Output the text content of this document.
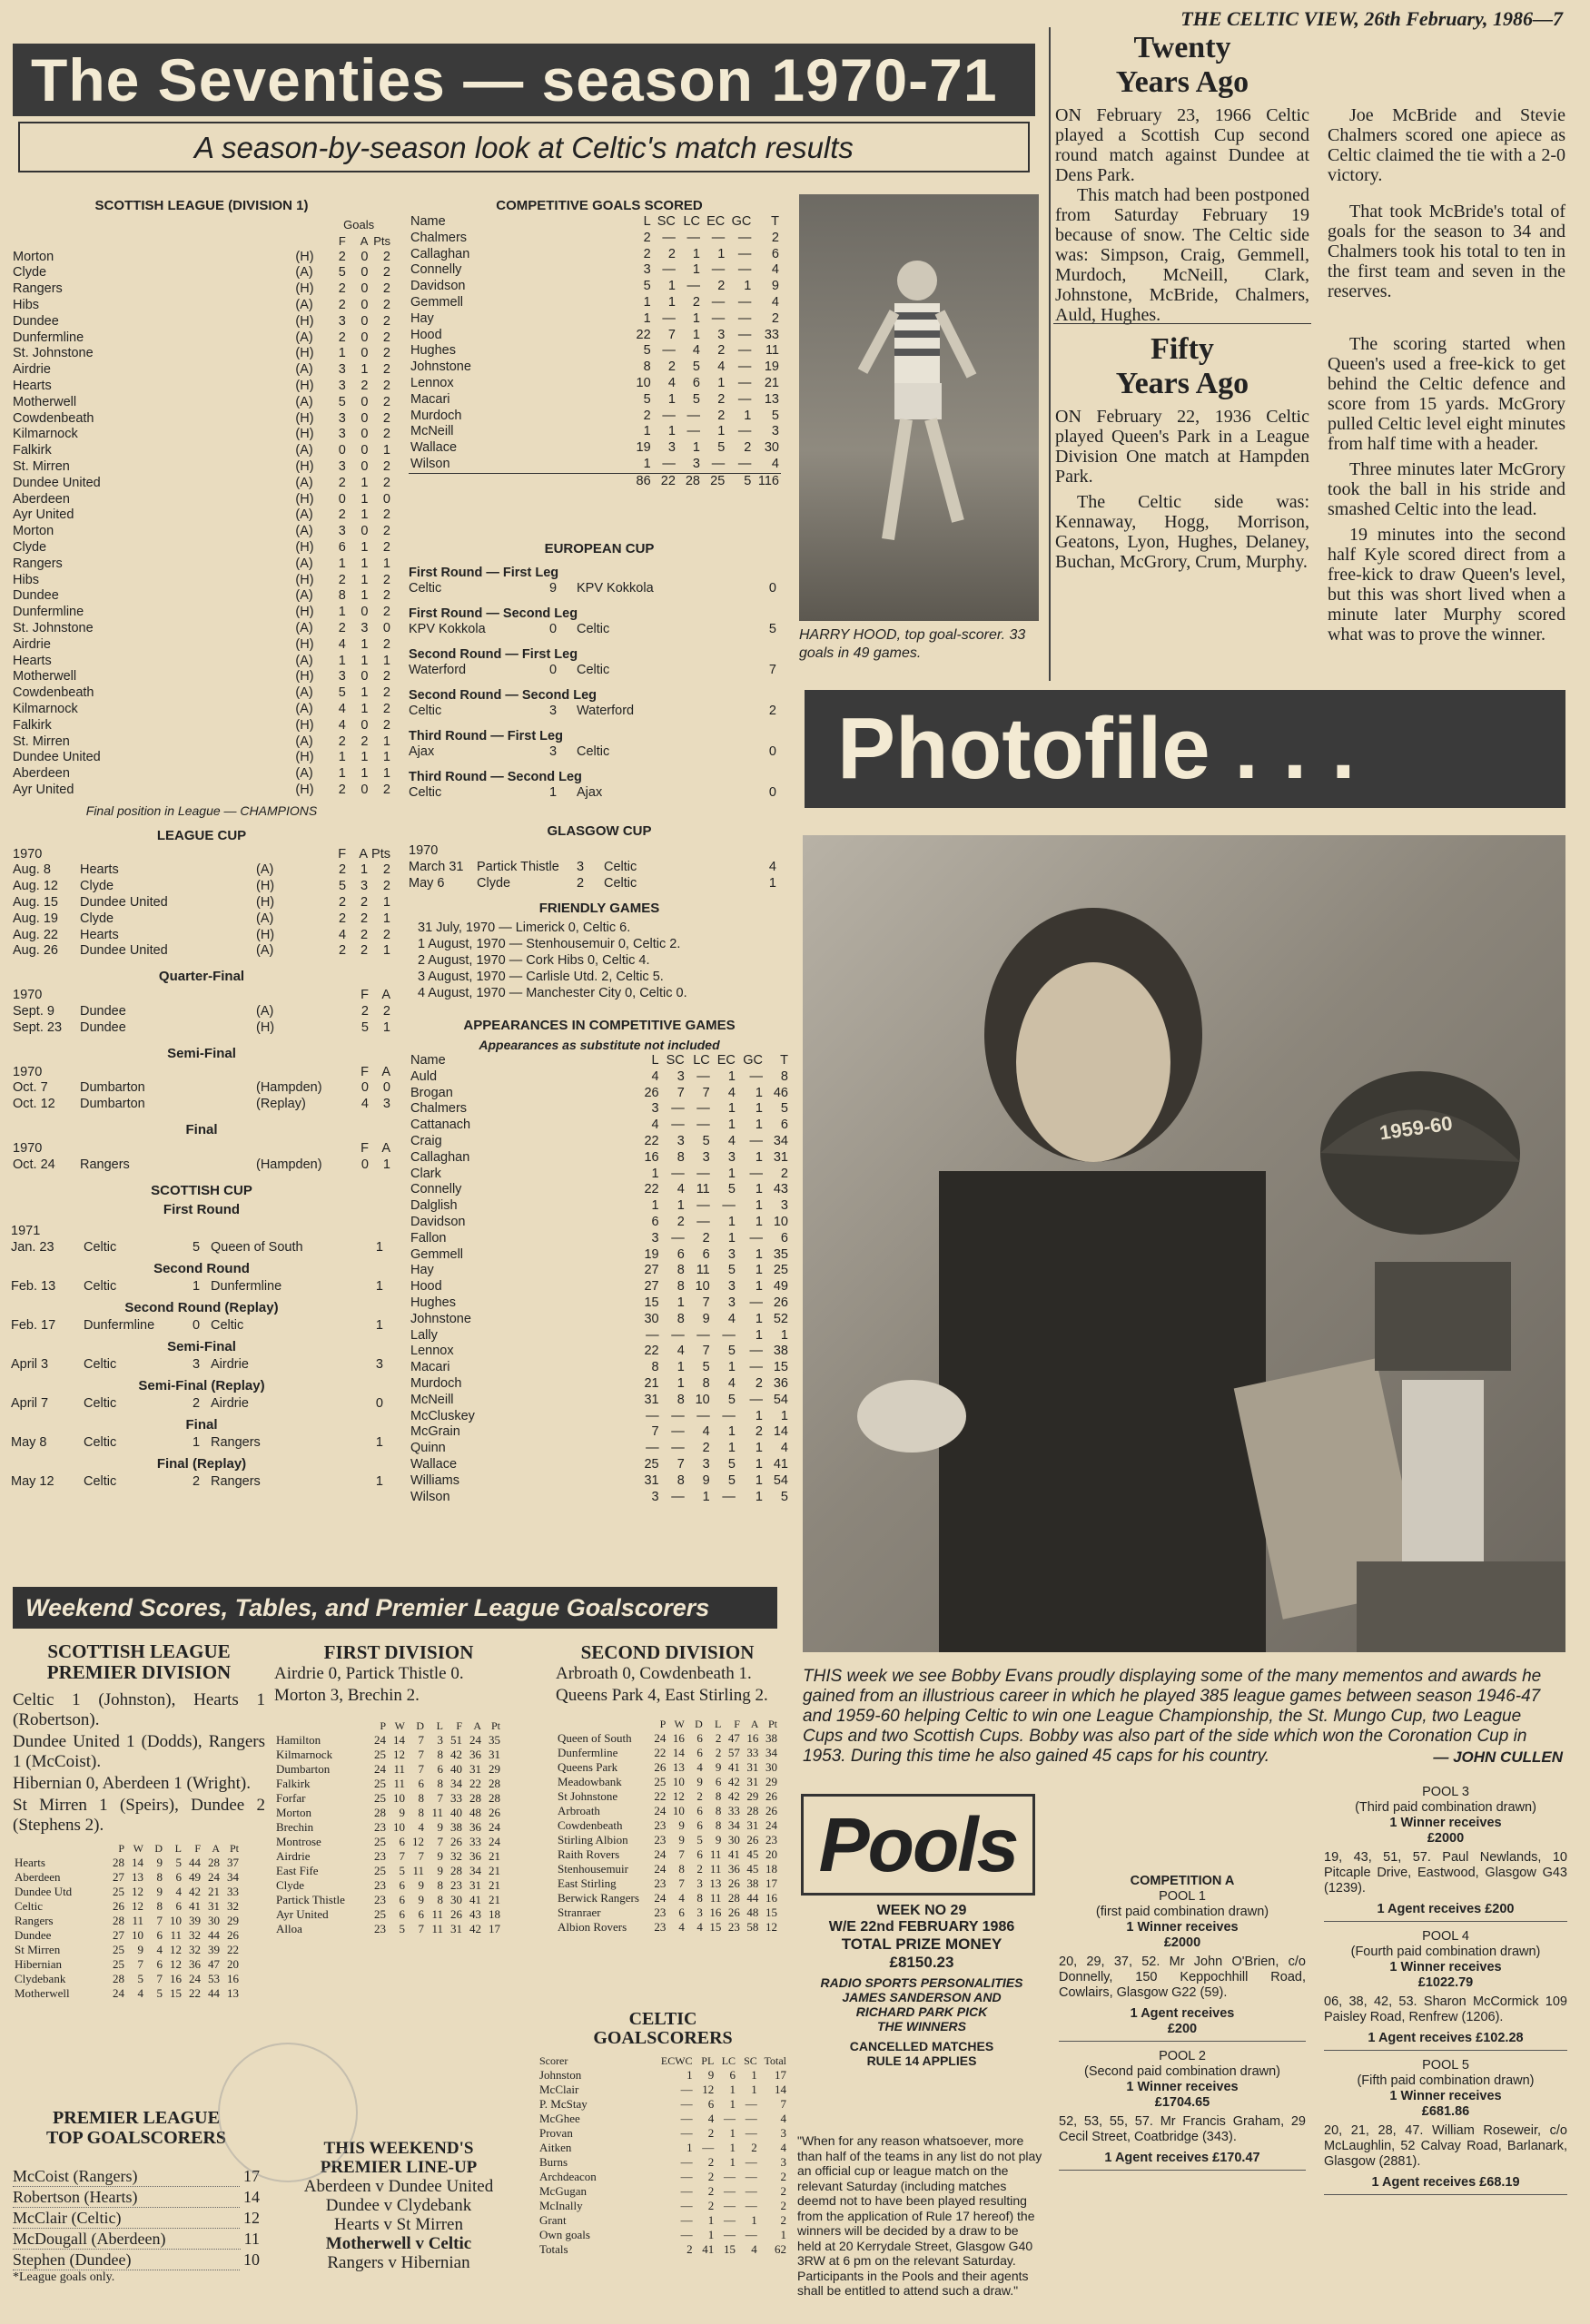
THE CELTIC VIEW, 26th February, 1986—7
The Seventies — season 1970-71
A season-by-season look at Celtic's match results
SCOTTISH LEAGUE (DIVISION 1)
		Goals		
		F	A	Pts
Morton	(H)	2	0	2
Clyde	(A)	5	0	2
Rangers	(H)	2	0	2
Hibs	(A)	2	0	2
Dundee	(H)	3	0	2
Dunfermline	(A)	2	0	2
St. Johnstone	(H)	1	0	2
Airdrie	(A)	3	1	2
Hearts	(H)	3	2	2
Motherwell	(A)	5	0	2
Cowdenbeath	(H)	3	0	2
Kilmarnock	(H)	3	0	2
Falkirk	(A)	0	0	1
St. Mirren	(H)	3	0	2
Dundee United	(A)	2	1	2
Aberdeen	(H)	0	1	0
Ayr United	(A)	2	1	2
Morton	(A)	3	0	2
Clyde	(H)	6	1	2
Rangers	(A)	1	1	1
Hibs	(H)	2	1	2
Dundee	(A)	8	1	2
Dunfermline	(H)	1	0	2
St. Johnstone	(A)	2	3	0
Airdrie	(H)	4	1	2
Hearts	(A)	1	1	1
Motherwell	(H)	3	0	2
Cowdenbeath	(A)	5	1	2
Kilmarnock	(A)	4	1	2
Falkirk	(H)	4	0	2
St. Mirren	(A)	2	2	1
Dundee United	(H)	1	1	1
Aberdeen	(A)	1	1	1
Ayr United	(H)	2	0	2
Final position in League — CHAMPIONS
LEAGUE CUP
1970			F	A	Pts
Aug. 8	Hearts	(A)	2	1	2
Aug. 12	Clyde	(H)	5	3	2
Aug. 15	Dundee United	(H)	2	2	1
Aug. 19	Clyde	(A)	2	2	1
Aug. 22	Hearts	(H)	4	2	2
Aug. 26	Dundee United	(A)	2	2	1
Quarter-Final
1970			F	A
Sept. 9	Dundee	(A)	2	2
Sept. 23	Dundee	(H)	5	1
Semi-Final
1970			F	A
Oct. 7	Dumbarton	(Hampden)	0	0
Oct. 12	Dumbarton	(Replay)	4	3
Final
1970			F	A
Oct. 24	Rangers	(Hampden)	0	1
SCOTTISH CUP
First Round
1971
Jan. 23	Celtic	5 Queen of South	1
Second Round
Feb. 13	Celtic	1 Dunfermline	1
Second Round (Replay)
Feb. 17	Dunfermline	0 Celtic	1
Semi-Final
April 3	Celtic	3 Airdrie	3
Semi-Final (Replay)
April 7	Celtic	2 Airdrie	0
Final
May 8	Celtic	1 Rangers	1
Final (Replay)
May 12	Celtic	2 Rangers	1
COMPETITIVE GOALS SCORED
Name	L	SC	LC	EC	GC	T
Chalmers	2	—	—	—	—	2
Callaghan	2	2	1	1	—	6
Connelly	3	—	1	—	—	4
Davidson	5	1	—	2	1	9
Gemmell	1	1	2	—	—	4
Hay	1	—	1	—	—	2
Hood	22	7	1	3	—	33
Hughes	5	—	4	2	—	11
Johnstone	8	2	5	4	—	19
Lennox	10	4	6	1	—	21
Macari	5	1	5	2	—	13
Murdoch	2	—	—	2	1	5
McNeill	1	1	—	1	—	3
Wallace	19	3	1	5	2	30
Wilson	1	—	3	—	—	4
	86	22	28	25	5	116
HARRY HOOD, top goal-scorer. 33 goals in 49 games.
EUROPEAN CUP
First Round — First Leg
Celtic	9	KPV Kokkola	0
First Round — Second Leg
KPV Kokkola	0	Celtic	5
Second Round — First Leg
Waterford	0	Celtic	7
Second Round — Second Leg
Celtic	3	Waterford	2
Third Round — First Leg
Ajax	3	Celtic	0
Third Round — Second Leg
Celtic	1	Ajax	0
GLASGOW CUP
1970
March 31	Partick Thistle	3	Celtic	4
May 6	Clyde	2	Celtic	1
FRIENDLY GAMES
31 July, 1970 — Limerick 0, Celtic 6.
1 August, 1970 — Stenhousemuir 0, Celtic 2.
2 August, 1970 — Cork Hibs 0, Celtic 4.
3 August, 1970 — Carlisle Utd. 2, Celtic 5.
4 August, 1970 — Manchester City 0, Celtic 0.
APPEARANCES IN COMPETITIVE GAMES
Appearances as substitute not included
Name	L	SC	LC	EC	GC	T
Auld	4	3	—	1	—	8
Brogan	26	7	7	4	1	46
Chalmers	3	—	—	1	1	5
Cattanach	4	—	—	1	1	6
Craig	22	3	5	4	—	34
Callaghan	16	8	3	3	1	31
Clark	1	—	—	1	—	2
Connelly	22	4	11	5	1	43
Dalglish	1	1	—	—	1	3
Davidson	6	2	—	1	1	10
Fallon	3	—	2	1	—	6
Gemmell	19	6	6	3	1	35
Hay	27	8	11	5	1	25
Hood	27	8	10	3	1	49
Hughes	15	1	7	3	—	26
Johnstone	30	8	9	4	1	52
Lally	—	—	—	—	1	1
Lennox	22	4	7	5	—	38
Macari	8	1	5	1	—	15
Murdoch	21	1	8	4	2	36
McNeill	31	8	10	5	—	54
McCluskey	—	—	—	—	1	1
McGrain	7	—	4	1	2	14
Quinn	—	—	2	1	1	4
Wallace	25	7	3	5	1	41
Williams	31	8	9	5	1	54
Wilson	3	—	1	—	1	5
Twenty
Years Ago

ON February 23, 1966 Celtic played a Scottish Cup second round match against Dundee at Dens Park.

This match had been postponed from Saturday February 19 because of snow. The Celtic side was: Simpson, Craig, Gemmell, Murdoch, McNeill, Clark, Johnstone, McBride, Chalmers, Auld, Hughes.

Joe McBride and Stevie Chalmers scored one apiece as Celtic claimed the tie with a 2-0 victory.

That took McBride's total of goals for the season to 34 and Chalmers took his total to ten in the first team and seven in the reserves.

Fifty
Years Ago

ON February 22, 1936 Celtic played Queen's Park in a League Division One match at Hampden Park.

The Celtic side was: Kennaway, Hogg, Morrison, Geatons, Lyon, Hughes, Delaney, Buchan, McGrory, Crum, Murphy.

The scoring started when Queen's used a free-kick to get behind the Celtic defence and score from 15 yards. McGrory pulled Celtic level eight minutes from half time with a header.

Three minutes later McGrory took the ball in his stride and smashed Celtic into the lead.

19 minutes into the second half Kyle scored direct from a free-kick to draw Queen's level, but this was short lived when a minute later Murphy scored what was to prove the winner.

Photofile . . .
1959-60
THIS week we see Bobby Evans proudly displaying some of the many mementos and awards he gained from an illustrious career in which he played 385 league games between season 1946-47 and 1959-60 helping Celtic to win one League Championship, the St. Mungo Cup, two League Cups and two Scottish Cups. Bobby was also part of the side which won the Coronation Cup in 1953. During this time he also gained 45 caps for his country.	— JOHN CULLEN
Weekend Scores, Tables, and Premier League Goalscorers
SCOTTISH LEAGUE
PREMIER DIVISION
Celtic 1 (Johnston), Hearts 1 (Robertson).
Dundee United 1 (Dodds), Rangers 1 (McCoist).
Hibernian 0, Aberdeen 1 (Wright).
St Mirren 1 (Speirs), Dundee 2 (Stephens 2).
	P	W	D	L	F	A	Pt
Hearts	28	14	9	5	44	28	37
Aberdeen	27	13	8	6	49	24	34
Dundee Utd	25	12	9	4	42	21	33
Celtic	26	12	8	6	41	31	32
Rangers	28	11	7	10	39	30	29
Dundee	27	10	6	11	32	44	26
St Mirren	25	9	4	12	32	39	22
Hibernian	25	7	6	12	36	47	20
Clydebank	28	5	7	16	24	53	16
Motherwell	24	4	5	15	22	44	13
PREMIER LEAGUE
TOP GOALSCORERS
McCoist (Rangers)	17
Robertson (Hearts)	14
McClair (Celtic)	12
McDougall (Aberdeen)	11
Stephen (Dundee)	10
*League goals only.
FIRST DIVISION
Airdrie 0, Partick Thistle 0.
Morton 3, Brechin 2.
	P	W	D	L	F	A	Pt
Hamilton	24	14	7	3	51	24	35
Kilmarnock	25	12	7	8	42	36	31
Dumbarton	24	11	7	6	40	31	29
Falkirk	25	11	6	8	34	22	28
Forfar	25	10	8	7	33	28	28
Morton	28	9	8	11	40	48	26
Brechin	23	10	4	9	38	36	24
Montrose	25	6	12	7	26	33	24
Airdrie	23	7	7	9	32	36	21
East Fife	25	5	11	9	28	34	21
Clyde	23	6	9	8	23	31	21
Partick Thistle	23	6	9	8	30	41	21
Ayr United	25	6	6	11	26	43	18
Alloa	23	5	7	11	31	42	17
THIS WEEKEND'S
PREMIER LINE-UP
Aberdeen v Dundee United
Dundee v Clydebank
Hearts v St Mirren
Motherwell v Celtic
Rangers v Hibernian
SECOND DIVISION
Arbroath 0, Cowdenbeath 1.
Queens Park 4, East Stirling 2.
	P	W	D	L	F	A	Pt
Queen of South	24	16	6	2	47	16	38
Dunfermline	22	14	6	2	57	33	34
Queens Park	26	13	4	9	41	31	30
Meadowbank	25	10	9	6	42	31	29
St Johnstone	22	12	2	8	42	29	26
Arbroath	24	10	6	8	33	28	26
Cowdenbeath	23	9	6	8	34	31	24
Stirling Albion	23	9	5	9	30	26	23
Raith Rovers	24	7	6	11	41	45	20
Stenhousemuir	24	8	2	11	36	45	18
East Stirling	23	7	3	13	26	38	17
Berwick Rangers	24	4	8	11	28	44	16
Stranraer	23	6	3	16	26	48	15
Albion Rovers	23	4	4	15	23	58	12
CELTIC
GOALSCORERS
Scorer	ECWC	PL	LC	SC	Total
Johnston	1	9	6	1	17
McClair	—	12	1	1	14
P. McStay	—	6	1	—	7
McGhee	—	4	—	—	4
Provan	—	2	1	—	3
Aitken	1	—	1	2	4
Burns	—	2	1	—	3
Archdeacon	—	2	—	—	2
McGugan	—	2	—	—	2
McInally	—	2	—	—	2
Grant	—	1	—	1	2
Own goals	—	1	—	—	1
Totals	2	41	15	4	62
Pools
WEEK NO 29
W/E 22nd FEBRUARY 1986
TOTAL PRIZE MONEY
£8150.23
RADIO SPORTS PERSONALITIES
JAMES SANDERSON AND
RICHARD PARK PICK
THE WINNERS
CANCELLED MATCHES
RULE 14 APPLIES
"When for any reason whatsoever, more than half of the teams in any list do not play an official cup or league match on the relevant Saturday (including matches deemd not to have been played resulting from the application of Rule 17 hereof) the winners will be decided by a draw to be held at 20 Kerrydale Street, Glasgow G40 3RW at 6 pm on the relevant Saturday. Participants in the Pools and their agents shall be entitled to attend such a draw."
COMPETITION A
POOL 1
(first paid combination drawn)
1 Winner receives
£2000
20, 29, 37, 52. Mr John O'Brien, c/o Donnelly, 150 Keppochhill Road, Cowlairs, Glasgow G22 (59).
1 Agent receives
£200
POOL 2
(Second paid combination drawn)
1 Winner receives
£1704.65
52, 53, 55, 57. Mr Francis Graham, 29 Cecil Street, Coatbridge (343).
1 Agent receives £170.47
POOL 3
(Third paid combination drawn)
1 Winner receives
£2000
19, 43, 51, 57. Paul Newlands, 10 Pitcaple Drive, Eastwood, Glasgow G43 (1239).
1 Agent receives £200
POOL 4
(Fourth paid combination drawn)
1 Winner receives
£1022.79
06, 38, 42, 53. Sharon McCormick 109 Paisley Road, Renfrew (1206).
1 Agent receives £102.28
POOL 5
(Fifth paid combination drawn)
1 Winner receives
£681.86
20, 21, 28, 47. William Roseweir, c/o McLaughlin, 52 Calvay Road, Barlanark, Glasgow (2881).
1 Agent receives £68.19
